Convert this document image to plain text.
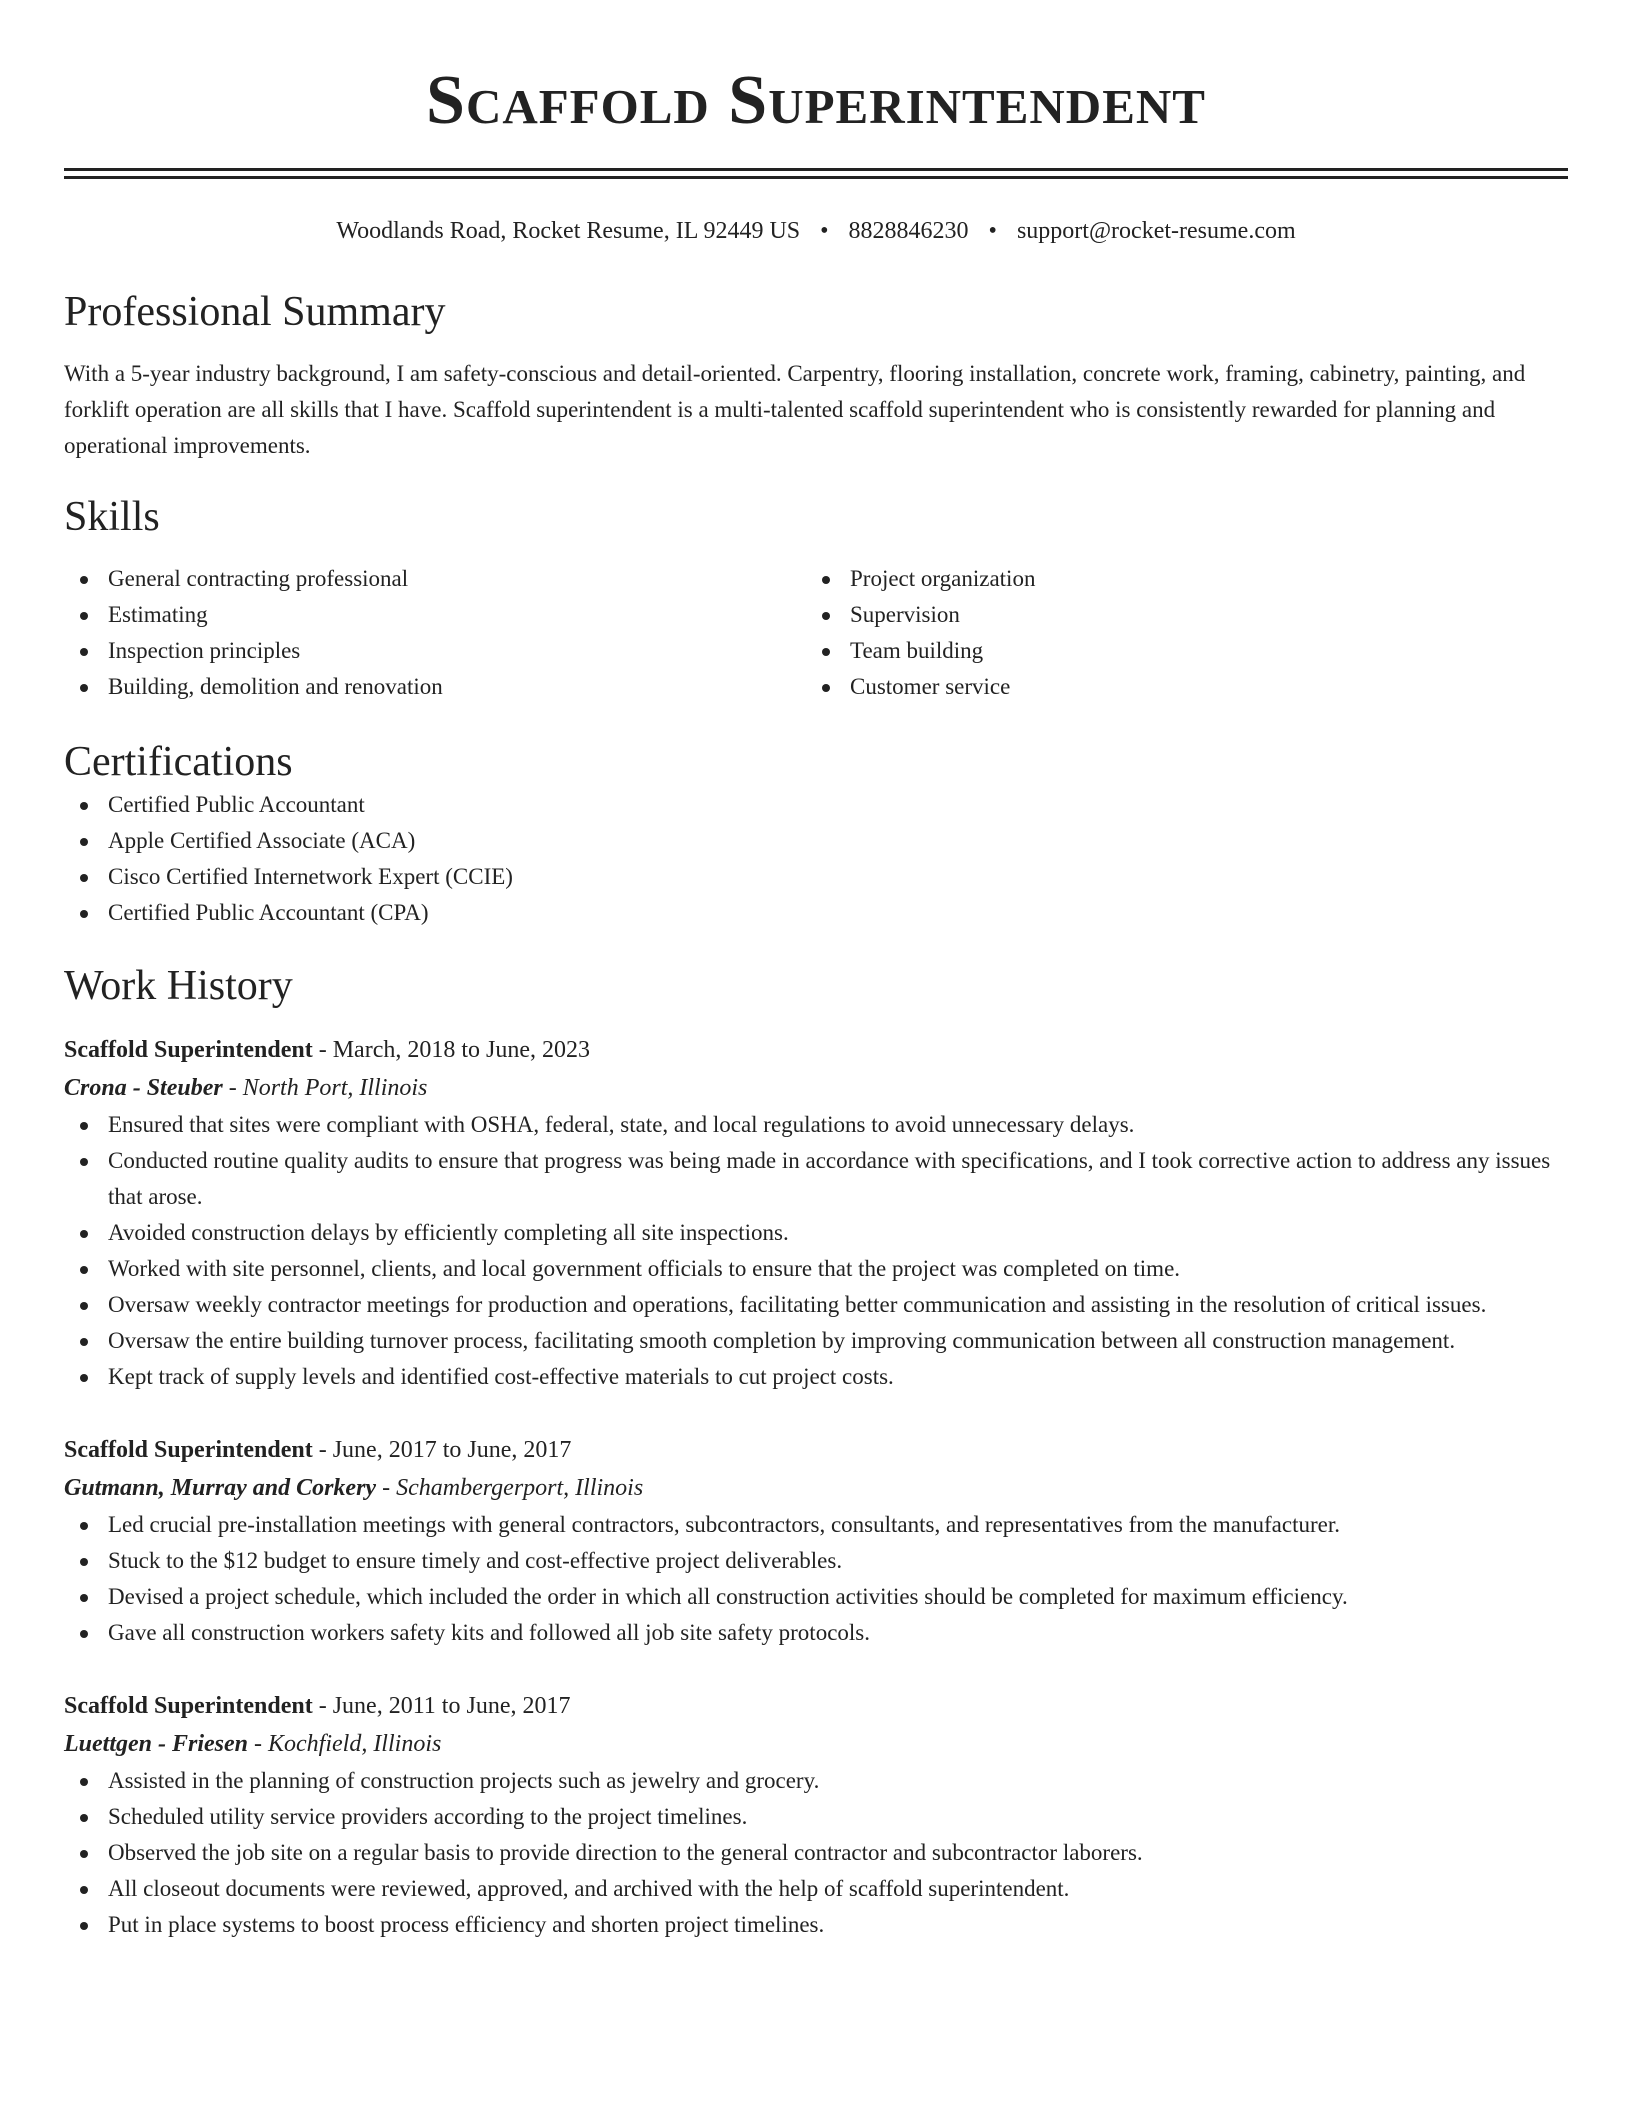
Scaffold Superintendent
Woodlands Road, Rocket Resume, IL 92449 US • 8828846230 • support@rocket-resume.com
Professional Summary

With a 5-year industry background, I am safety-conscious and detail-oriented. Carpentry, flooring installation, concrete work, framing, cabinetry, painting, and forklift operation are all skills that I have. Scaffold superintendent is a multi-talented scaffold superintendent who is consistently rewarded for planning and operational improvements.

Skills
General contracting professional
Estimating
Inspection principles
Building, demolition and renovation
Project organization
Supervision
Team building
Customer service
Certifications
Certified Public Accountant
Apple Certified Associate (ACA)
Cisco Certified Internetwork Expert (CCIE)
Certified Public Accountant (CPA)
Work History
Scaffold Superintendent - March, 2018 to June, 2023
Crona - Steuber - North Port, Illinois
Ensured that sites were compliant with OSHA, federal, state, and local regulations to avoid unnecessary delays.
Conducted routine quality audits to ensure that progress was being made in accordance with specifications, and I took corrective action to address any issues that arose.
Avoided construction delays by efficiently completing all site inspections.
Worked with site personnel, clients, and local government officials to ensure that the project was completed on time.
Oversaw weekly contractor meetings for production and operations, facilitating better communication and assisting in the resolution of critical issues.
Oversaw the entire building turnover process, facilitating smooth completion by improving communication between all construction management.
Kept track of supply levels and identified cost-effective materials to cut project costs.
Scaffold Superintendent - June, 2017 to June, 2017
Gutmann, Murray and Corkery - Schambergerport, Illinois
Led crucial pre-installation meetings with general contractors, subcontractors, consultants, and representatives from the manufacturer.
Stuck to the $12 budget to ensure timely and cost-effective project deliverables.
Devised a project schedule, which included the order in which all construction activities should be completed for maximum efficiency.
Gave all construction workers safety kits and followed all job site safety protocols.
Scaffold Superintendent - June, 2011 to June, 2017
Luettgen - Friesen - Kochfield, Illinois
Assisted in the planning of construction projects such as jewelry and grocery.
Scheduled utility service providers according to the project timelines.
Observed the job site on a regular basis to provide direction to the general contractor and subcontractor laborers.
All closeout documents were reviewed, approved, and archived with the help of scaffold superintendent.
Put in place systems to boost process efficiency and shorten project timelines.
